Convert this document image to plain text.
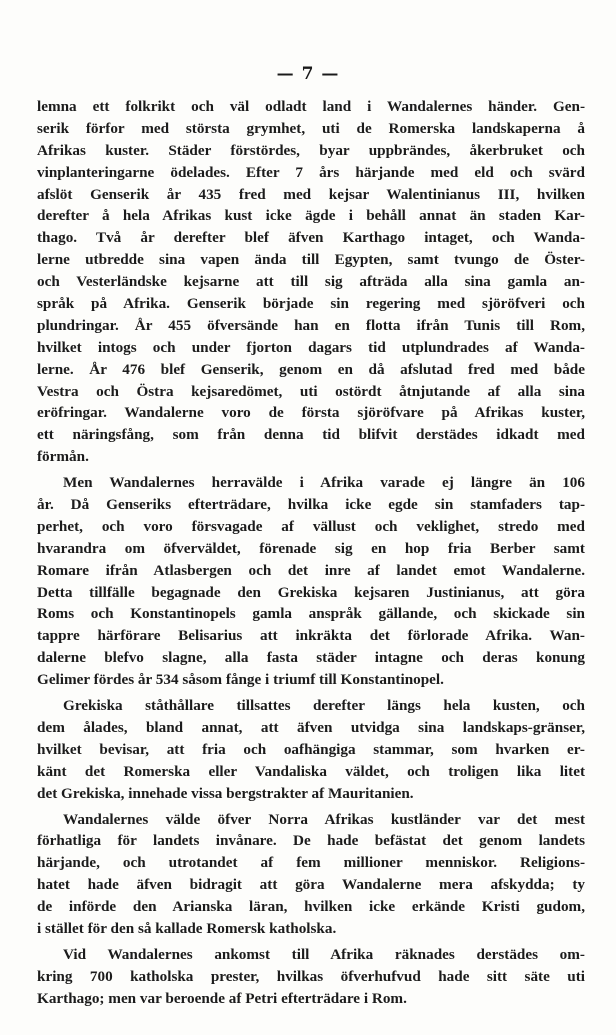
— 7 —
lemna ett folkrikt och väl odladt land i Wandalernes händer. Gen-
serik förfor med största grymhet, uti de Romerska landskaperna å
Afrikas kuster. Städer förstördes, byar uppbrändes, åkerbruket och
vinplanteringarne ödelades. Efter 7 års härjande med eld och svärd
afslöt Genserik år 435 fred med kejsar Walentinianus III, hvilken
derefter å hela Afrikas kust icke ägde i behåll annat än staden Kar-
thago. Två år derefter blef äfven Karthago intaget, och Wanda-
lerne utbredde sina vapen ända till Egypten, samt tvungo de Öster-
och Vesterländske kejsarne att till sig afträda alla sina gamla an-
språk på Afrika. Genserik började sin regering med sjöröfveri och
plundringar. År 455 öfversände han en flotta ifrån Tunis till Rom,
hvilket intogs och under fjorton dagars tid utplundrades af Wanda-
lerne. År 476 blef Genserik, genom en då afslutad fred med både
Vestra och Östra kejsaredömet, uti ostördt åtnjutande af alla sina
eröfringar. Wandalerne voro de första sjöröfvare på Afrikas kuster,
ett näringsfång, som från denna tid blifvit derstädes idkadt med
förmån.
Men Wandalernes herravälde i Afrika varade ej längre än 106
år. Då Genseriks efterträdare, hvilka icke egde sin stamfaders tap-
perhet, och voro försvagade af vällust och veklighet, stredo med
hvarandra om öfverväldet, förenade sig en hop fria Berber samt
Romare ifrån Atlasbergen och det inre af landet emot Wandalerne.
Detta tillfälle begagnade den Grekiska kejsaren Justinianus, att göra
Roms och Konstantinopels gamla anspråk gällande, och skickade sin
tappre härförare Belisarius att inkräkta det förlorade Afrika. Wan-
dalerne blefvo slagne, alla fasta städer intagne och deras konung
Gelimer fördes år 534 såsom fånge i triumf till Konstantinopel.
Grekiska ståthållare tillsattes derefter längs hela kusten, och
dem ålades, bland annat, att äfven utvidga sina landskaps-gränser,
hvilket bevisar, att fria och oafhängiga stammar, som hvarken er-
känt det Romerska eller Vandaliska väldet, och troligen lika litet
det Grekiska, innehade vissa bergstrakter af Mauritanien.
Wandalernes välde öfver Norra Afrikas kustländer var det mest
förhatliga för landets invånare. De hade befästat det genom landets
härjande, och utrotandet af fem millioner menniskor. Religions-
hatet hade äfven bidragit att göra Wandalerne mera afskydda; ty
de införde den Arianska läran, hvilken icke erkände Kristi gudom,
i stället för den så kallade Romersk katholska.
Vid Wandalernes ankomst till Afrika räknades derstädes om-
kring 700 katholska prester, hvilkas öfverhufvud hade sitt säte uti
Karthago; men var beroende af Petri efterträdare i Rom.
